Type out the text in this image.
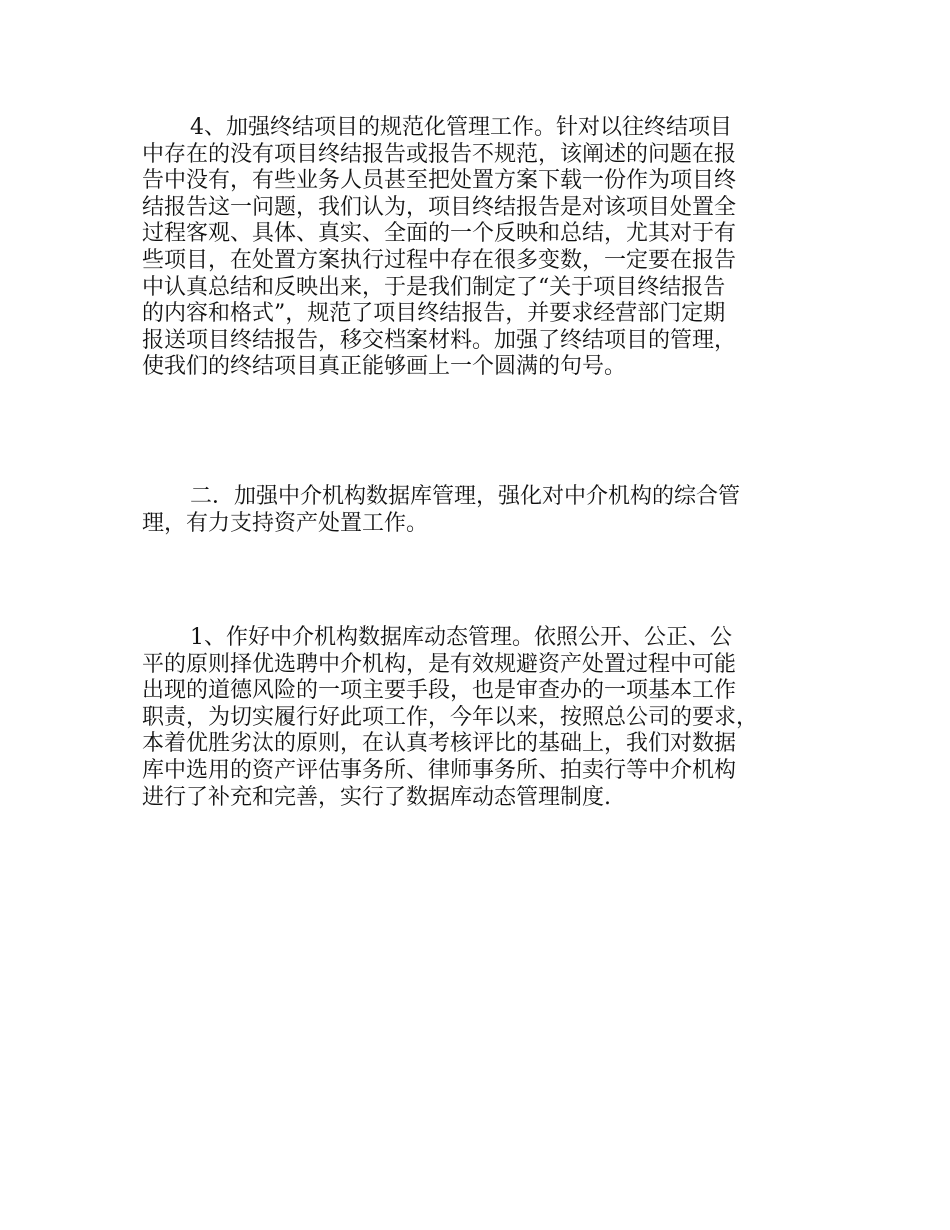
4、加强终结项目的规范化管理工作。针对以往终结项目
中存在的没有项目终结报告或报告不规范，该阐述的问题在报
告中没有，有些业务人员甚至把处置方案下载一份作为项目终
结报告这一问题，我们认为，项目终结报告是对该项目处置全
过程客观、具体、真实、全面的一个反映和总结，尤其对于有
些项目，在处置方案执行过程中存在很多变数，一定要在报告
中认真总结和反映出来，于是我们制定了“关于项目终结报告
的内容和格式”，规范了项目终结报告，并要求经营部门定期
报送项目终结报告，移交档案材料。加强了终结项目的管理，
使我们的终结项目真正能够画上一个圆满的句号。

二．加强中介机构数据库管理，强化对中介机构的综合管
理，有力支持资产处置工作。

1、作好中介机构数据库动态管理。依照公开、公正、公
平的原则择优选聘中介机构，是有效规避资产处置过程中可能
出现的道德风险的一项主要手段，也是审查办的一项基本工作
职责，为切实履行好此项工作，今年以来，按照总公司的要求，
本着优胜劣汰的原则，在认真考核评比的基础上，我们对数据
库中选用的资产评估事务所、律师事务所、拍卖行等中介机构
进行了补充和完善，实行了数据库动态管理制度.
